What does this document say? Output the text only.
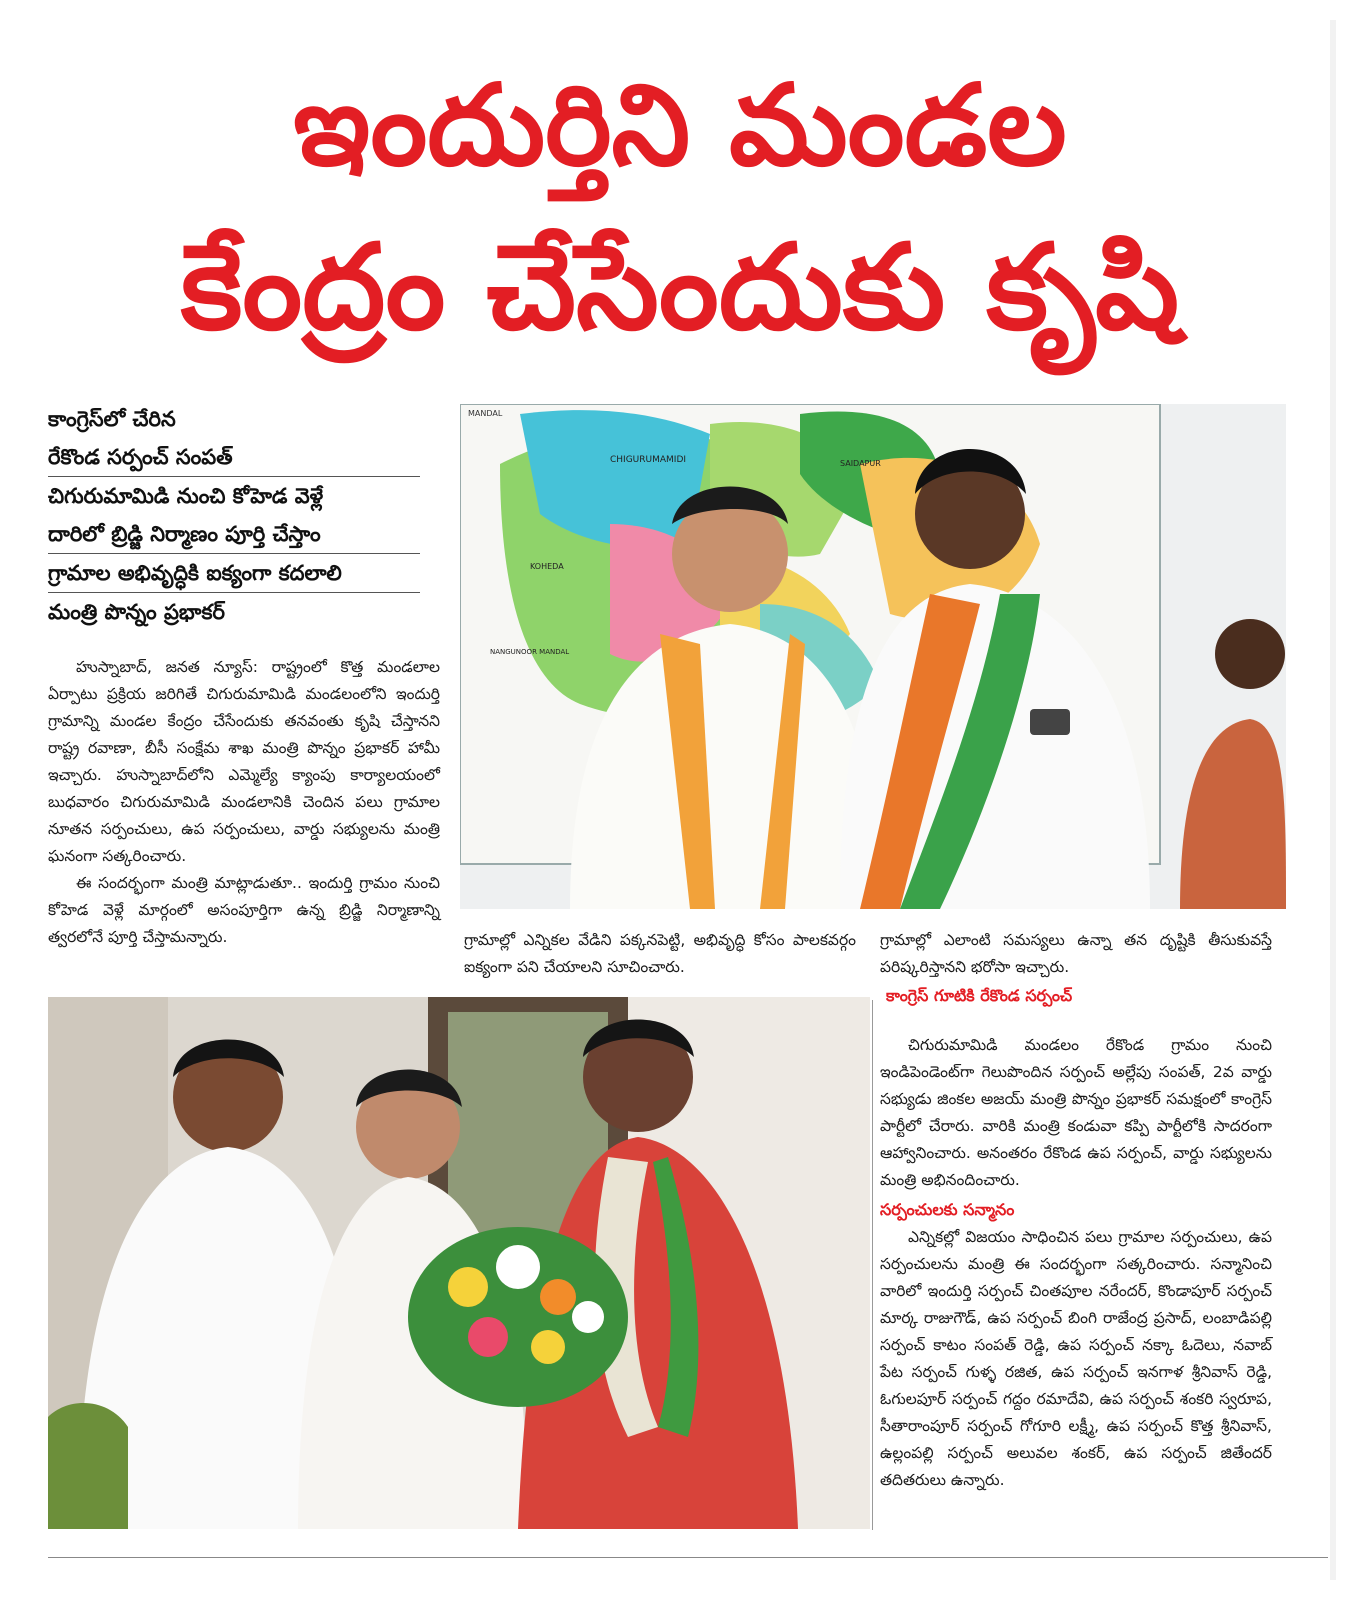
ఇందుర్తిని మండల
కేంద్రం చేసేందుకు కృషి
కాంగ్రెస్‌లో చేరిన
రేకొండ సర్పంచ్ సంపత్
చిగురుమామిడి నుంచి కోహెడ వెళ్లే
దారిలో బ్రిడ్జి నిర్మాణం పూర్తి చేస్తాం
గ్రామాల అభివృద్ధికి ఐక్యంగా కదలాలి
మంత్రి పొన్నం ప్రభాకర్
MANDAL
CHIGURUMAMIDI
KOHEDA
NANGUNOOR MANDAL
SAIDAPUR

హుస్నాబాద్, జనత న్యూస్: రాష్ట్రంలో కొత్త మండలాల ఏర్పాటు ప్రక్రియ జరిగితే చిగురుమామిడి మండలంలోని ఇందుర్తి గ్రామాన్ని మండల కేంద్రం చేసేందుకు తనవంతు కృషి చేస్తానని రాష్ట్ర రవాణా, బీసీ సంక్షేమ శాఖ మంత్రి పొన్నం ప్రభాకర్ హామీ ఇచ్చారు. హుస్నాబాద్‌లోని ఎమ్మెల్యే క్యాంపు కార్యాలయంలో బుధవారం చిగురుమామిడి మండలానికి చెందిన పలు గ్రామాల నూతన సర్పంచులు, ఉప సర్పంచులు, వార్డు సభ్యులను మంత్రి ఘనంగా సత్కరించారు.

ఈ సందర్భంగా మంత్రి మాట్లాడుతూ.. ఇందుర్తి గ్రామం నుంచి కోహెడ వెళ్లే మార్గంలో అసంపూర్తిగా ఉన్న బ్రిడ్జి నిర్మాణాన్ని త్వరలోనే పూర్తి చేస్తామన్నారు.	గ్రామాల్లో ఎన్నికల వేడిని పక్కనపెట్టి, అభివృద్ధి కోసం పాలకవర్గం ఐక్యంగా పని చేయాలని సూచించారు.

గ్రామాల్లో ఎలాంటి సమస్యలు ఉన్నా తన దృష్టికి తీసుకువస్తే పరిష్కరిస్తానని భరోసా ఇచ్చారు.

కాంగ్రెస్ గూటికి రేకొండ సర్పంచ్

చిగురుమామిడి మండలం రేకొండ గ్రామం నుంచి ఇండిపెండెంట్‌గా గెలుపొందిన సర్పంచ్ అల్లేపు సంపత్, 2వ వార్డు సభ్యుడు జింకల అజయ్ మంత్రి పొన్నం ప్రభాకర్ సమక్షంలో కాంగ్రెస్ పార్టీలో చేరారు. వారికి మంత్రి కండువా కప్పి పార్టీలోకి సాదరంగా ఆహ్వానించారు. అనంతరం రేకొండ ఉప సర్పంచ్, వార్డు సభ్యులను మంత్రి అభినందించారు.

సర్పంచులకు సన్మానం

ఎన్నికల్లో విజయం సాధించిన పలు గ్రామాల సర్పంచులు, ఉప సర్పంచులను మంత్రి ఈ సందర్భంగా సత్కరించారు. సన్మానించి వారిలో ఇందుర్తి సర్పంచ్ చింతపూల నరేందర్, కొండాపూర్ సర్పంచ్ మార్క రాజుగౌడ్, ఉప సర్పంచ్ బింగి రాజేంద్ర ప్రసాద్, లంబాడిపల్లి సర్పంచ్ కాటం సంపత్ రెడ్డి, ఉప సర్పంచ్ నక్కా ఓదెలు, నవాబ్ పేట సర్పంచ్ గుళ్ళ రజిత, ఉప సర్పంచ్ ఇనగాళ శ్రీనివాస్ రెడ్డి, ఓగులపూర్ సర్పంచ్ గద్దం రమాదేవి, ఉప సర్పంచ్ శంకరి స్వరూప, సీతారాంపూర్ సర్పంచ్ గోగూరి లక్ష్మీ, ఉప సర్పంచ్ కొత్త శ్రీనివాస్, ఉల్లంపల్లి సర్పంచ్ అలువల శంకర్, ఉప సర్పంచ్ జితేందర్ తదితరులు ఉన్నారు.
